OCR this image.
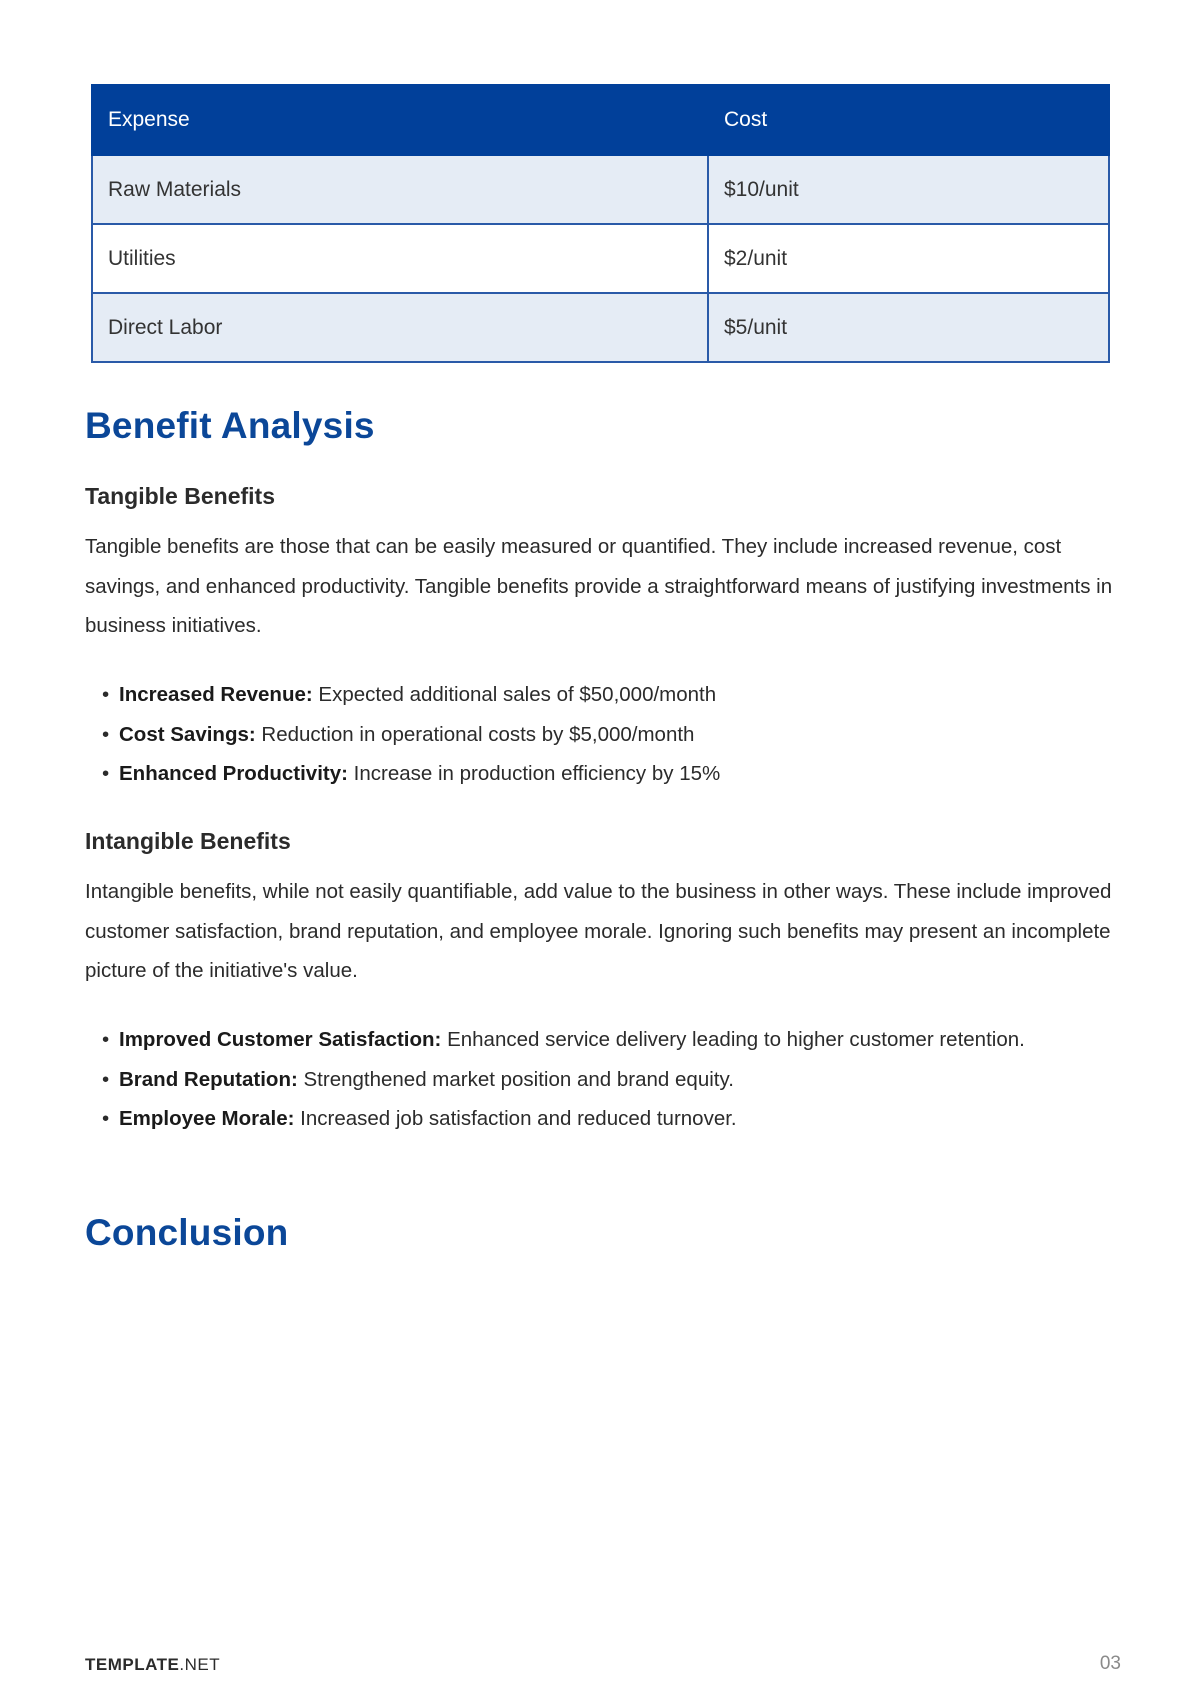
Expense	Cost
Raw Materials	$10/unit
Utilities	$2/unit
Direct Labor	$5/unit
Benefit Analysis
Tangible Benefits

Tangible benefits are those that can be easily measured or quantified. They include increased revenue, cost savings, and enhanced productivity. Tangible benefits provide a straightforward means of justifying investments in business initiatives.

• Increased Revenue: Expected additional sales of $50,000/month
• Cost Savings: Reduction in operational costs by $5,000/month
• Enhanced Productivity: Increase in production efficiency by 15%
Intangible Benefits

Intangible benefits, while not easily quantifiable, add value to the business in other ways. These include improved customer satisfaction, brand reputation, and employee morale. Ignoring such benefits may present an incomplete picture of the initiative's value.

• Improved Customer Satisfaction: Enhanced service delivery leading to higher customer retention.
• Brand Reputation: Strengthened market position and brand equity.
• Employee Morale: Increased job satisfaction and reduced turnover.
Conclusion
TEMPLATE.NET	03
